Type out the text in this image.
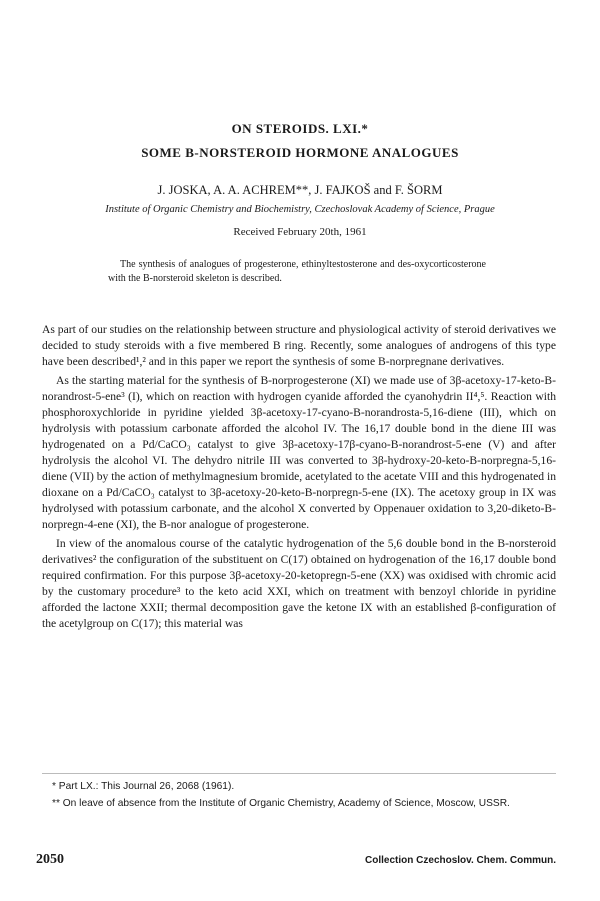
ON STEROIDS. LXI.*
SOME B-NORSTEROID HORMONE ANALOGUES
J. JOSKA, A. A. ACHREM**, J. FAJKOŠ and F. ŠORM
Institute of Organic Chemistry and Biochemistry, Czechoslovak Academy of Science, Prague
Received February 20th, 1961
The synthesis of analogues of progesterone, ethinyltestosterone and des-oxycorticosterone with the B-norsteroid skeleton is described.

As part of our studies on the relationship between structure and physiological activity of steroid derivatives we decided to study steroids with a five membered B ring. Recently, some analogues of androgens of this type have been described¹,² and in this paper we report the synthesis of some B-norpregnane derivatives.

As the starting material for the synthesis of B-norprogesterone (XI) we made use of 3β-acetoxy-17-keto-B-norandrost-5-ene³ (I), which on reaction with hydrogen cyanide afforded the cyanohydrin II⁴,⁵. Reaction with phosphoroxychloride in pyridine yielded 3β-acetoxy-17-cyano-B-norandrosta-5,16-diene (III), which on hydrolysis with potassium carbonate afforded the alcohol IV. The 16,17 double bond in the diene III was hydrogenated on a Pd/CaCO₃ catalyst to give 3β-acetoxy-17β-cyano-B-norandrost-5-ene (V) and after hydrolysis the alcohol VI. The dehydro nitrile III was converted to 3β-hydroxy-20-keto-B-norpregna-5,16-diene (VII) by the action of methylmagnesium bromide, acetylated to the acetate VIII and this hydrogenated in dioxane on a Pd/CaCO₃ catalyst to 3β-acetoxy-20-keto-B-norpregn-5-ene (IX). The acetoxy group in IX was hydrolysed with potassium carbonate, and the alcohol X converted by Oppenauer oxidation to 3,20-diketo-B-norpregn-4-ene (XI), the B-nor analogue of progesterone.

In view of the anomalous course of the catalytic hydrogenation of the 5,6 double bond in the B-norsteroid derivatives² the configuration of the substituent on C(17) obtained on hydrogenation of the 16,17 double bond required confirmation. For this purpose 3β-acetoxy-20-ketopregn-5-ene (XX) was oxidised with chromic acid by the customary procedure³ to the keto acid XXI, which on treatment with benzoyl chloride in pyridine afforded the lactone XXII; thermal decomposition gave the ketone IX with an established β-configuration of the acetylgroup on C(17); this material was

* Part LX.: This Journal 26, 2068 (1961).
** On leave of absence from the Institute of Organic Chemistry, Academy of Science, Moscow, USSR.
2050	Collection Czechoslov. Chem. Commun.
